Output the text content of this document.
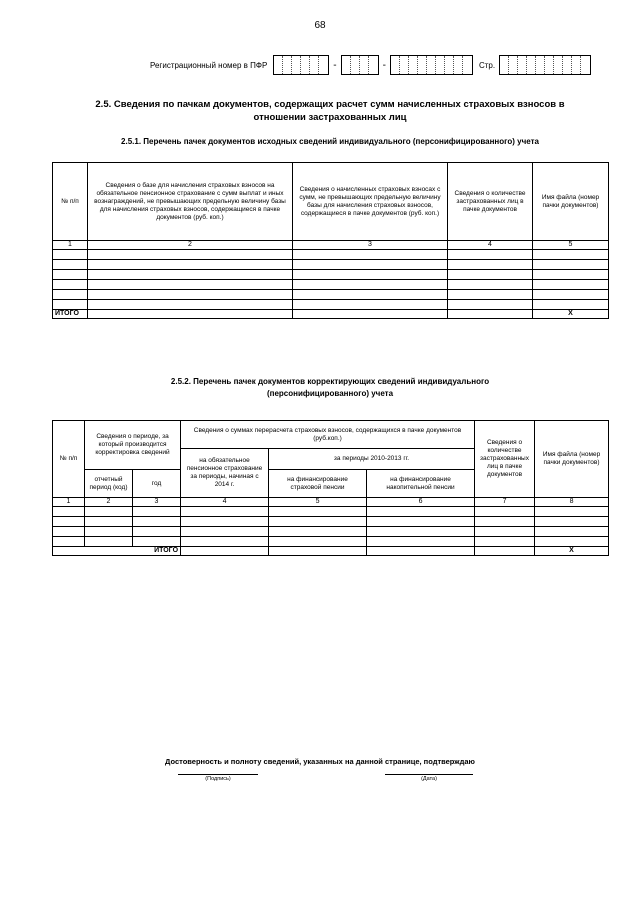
68
Регистрационный номер в ПФР	-	-	Стр.
2.5. Сведения по пачкам документов, содержащих расчет сумм начисленных страховых взносов в
отношении застрахованных лиц
2.5.1. Перечень пачек документов исходных сведений индивидуального (персонифицированного) учета
№ п/п	Сведения о базе для начисления страховых взносов на обязательное пенсионное страхование с сумм выплат и иных вознаграждений, не превышающих предельную величину базы для начисления страховых взносов, содержащиеся в пачке документов (руб. коп.)	Сведения о начисленных страховых взносах с сумм, не превышающих предельную величину базы для начисления страховых взносов, содержащиеся в пачке документов (руб. коп.)	Сведения о количестве застрахованных лиц в пачке документов	Имя файла (номер пачки документов)
1	2	3	4	5

ИТОГО				Х
2.5.2. Перечень пачек документов корректирующих сведений индивидуального
(персонифицированного) учета
№ п/п	Сведения о периоде, за который производится корректировка сведений		Сведения о суммах перерасчета страховых взносов, содержащихся в пачке документов (руб.коп.)			Сведения о количестве застрахованных лиц в пачке документов	Имя файла (номер пачки документов)
			на обязательное пенсионное страхование за периоды, начиная с 2014 г.	за периоды 2010-2013 гг.			
	отчетный период (код)	год		на финансирование страховой пенсии	на финансирование накопительной пенсии		
1	2	3	4	5	6	7	8

ИТОГО							Х
Достоверность и полноту сведений, указанных на данной странице, подтверждаю
(Подпись)	(Дата)
